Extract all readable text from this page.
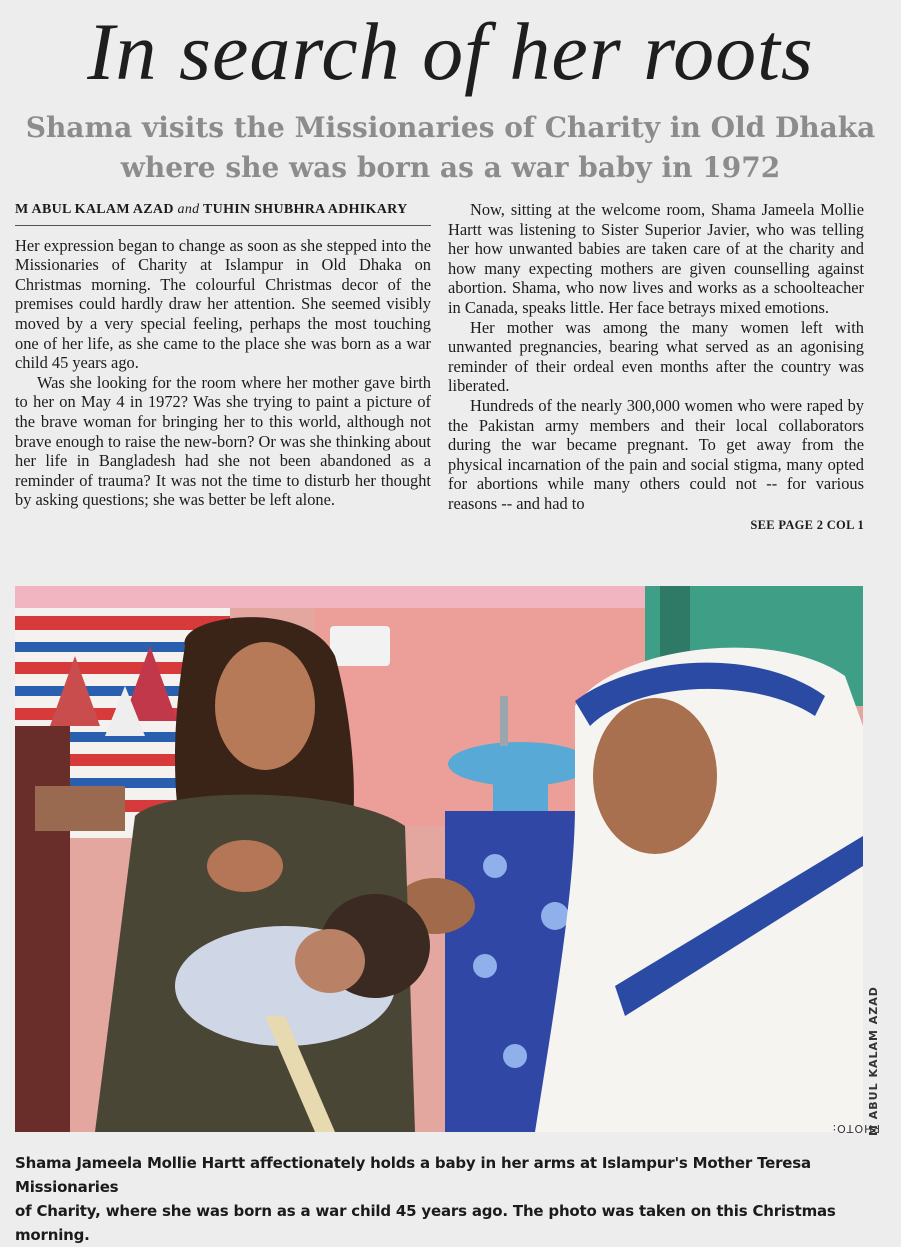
In search of her roots
Shama visits the Missionaries of Charity in Old Dhaka
where she was born as a war baby in 1972
M ABUL KALAM AZAD and TUHIN SHUBHRA ADHIKARY

Her expression began to change as soon as she stepped into the Missionaries of Charity at Islampur in Old Dhaka on Christmas morning. The colourful Christmas decor of the premises could hardly draw her attention. She seemed visibly moved by a very special feeling, perhaps the most touching one of her life, as she came to the place she was born as a war child 45 years ago.

Was she looking for the room where her mother gave birth to her on May 4 in 1972? Was she trying to paint a picture of the brave woman for bringing her to this world, although not brave enough to raise the new-born? Or was she thinking about her life in Bangladesh had she not been abandoned as a reminder of trauma? It was not the time to disturb her thought by asking questions; she was better be left alone.

Now, sitting at the welcome room, Shama Jameela Mollie Hartt was listening to Sister Superior Javier, who was telling her how unwanted babies are taken care of at the charity and how many expecting mothers are given counselling against abortion. Shama, who now lives and works as a schoolteacher in Canada, speaks little. Her face betrays mixed emotions.

Her mother was among the many women left with unwanted pregnancies, bearing what served as an agonising reminder of their ordeal even months after the country was liberated.

Hundreds of the nearly 300,000 women who were raped by the Pakistan army members and their local collaborators during the war became pregnant. To get away from the physical incarnation of the pain and social stigma, many opted for abortions while many others could not -- for various reasons -- and had to

SEE PAGE 2 COL 1
PHOTO:
M ABUL KALAM AZAD
Shama Jameela Mollie Hartt affectionately holds a baby in her arms at Islampur's Mother Teresa Missionaries
of Charity, where she was born as a war child 45 years ago. The photo was taken on this Christmas morning.
